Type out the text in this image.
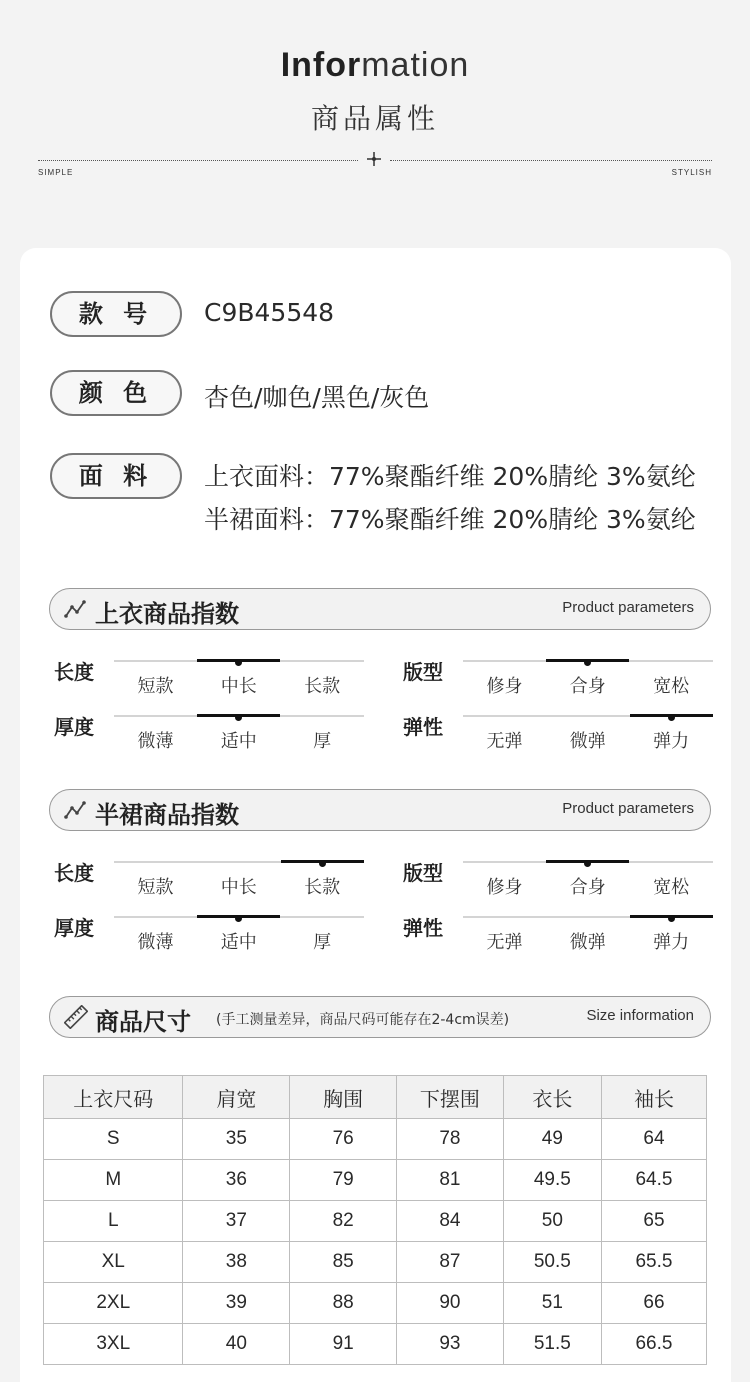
Information
商品属性
SIMPLE	STYLISH
款 号	C9B45548
颜 色	杏色/咖色/黑色/灰色
面 料	上衣面料：77%聚酯纤维 20%腈纶 3%氨纶
半裙面料：77%聚酯纤维 20%腈纶 3%氨纶
上衣商品指数	Product parameters
长度
短款	中长	长款
版型
修身	合身	宽松
厚度
微薄	适中	厚
弹性
无弹	微弹	弹力
半裙商品指数	Product parameters
长度
短款	中长	长款
版型
修身	合身	宽松
厚度
微薄	适中	厚
弹性
无弹	微弹	弹力
商品尺寸 (手工测量差异，商品尺码可能存在2-4cm误差)	Size information
上衣尺码	肩宽	胸围	下摆围	衣长	袖长
S	35	76	78	49	64
M	36	79	81	49.5	64.5
L	37	82	84	50	65
XL	38	85	87	50.5	65.5
2XL	39	88	90	51	66
3XL	40	91	93	51.5	66.5
